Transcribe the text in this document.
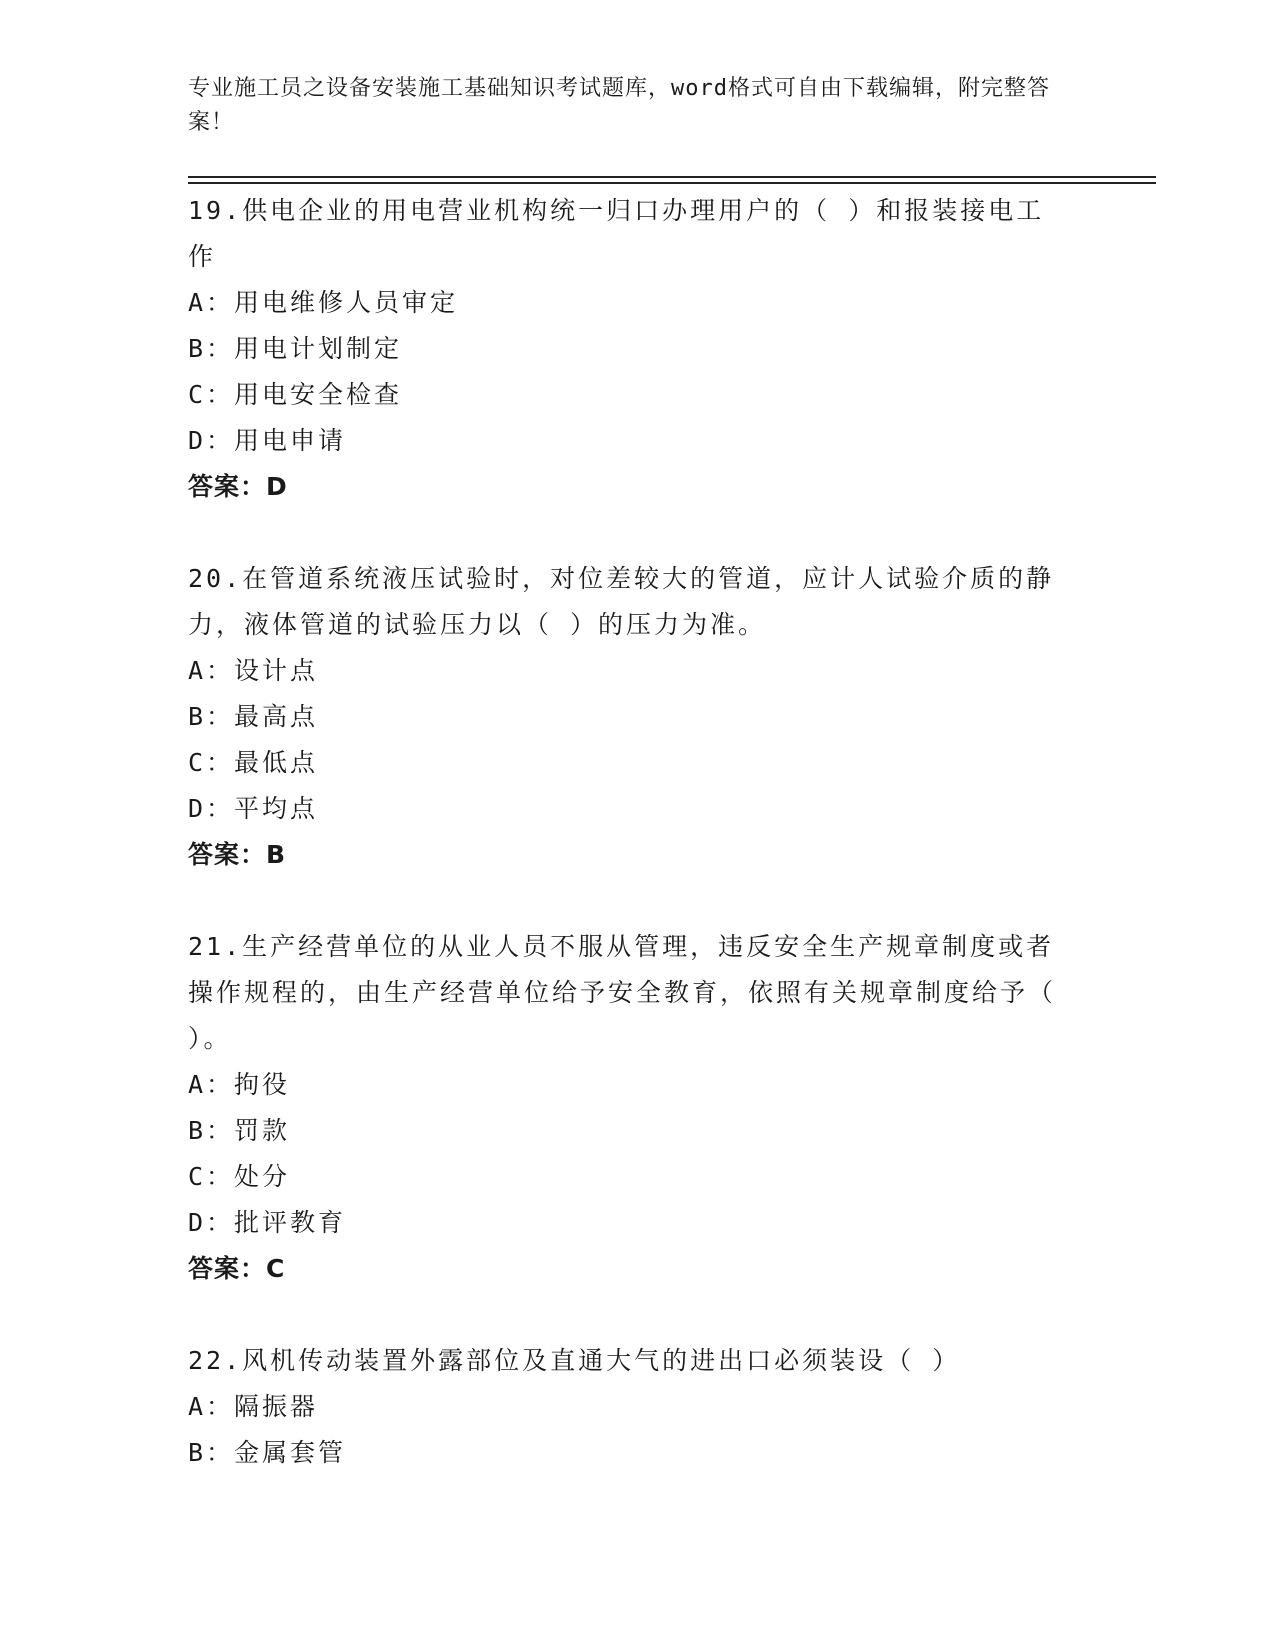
专业施工员之设备安装施工基础知识考试题库，word格式可自由下载编辑，附完整答案！
19.供电企业的用电营业机构统一归口办理用户的（ ）和报装接电工作
A：用电维修人员审定
B：用电计划制定
C：用电安全检查
D：用电申请
答案：D
20.在管道系统液压试验时，对位差较大的管道，应计人试验介质的静力，液体管道的试验压力以（ ）的压力为准。
A：设计点
B：最高点
C：最低点
D：平均点
答案：B
21.生产经营单位的从业人员不服从管理，违反安全生产规章制度或者操作规程的，由生产经营单位给予安全教育，依照有关规章制度给予（ ）。
A：拘役
B：罚款
C：处分
D：批评教育
答案：C
22.风机传动装置外露部位及直通大气的进出口必须装设（ ）
A：隔振器
B：金属套管
